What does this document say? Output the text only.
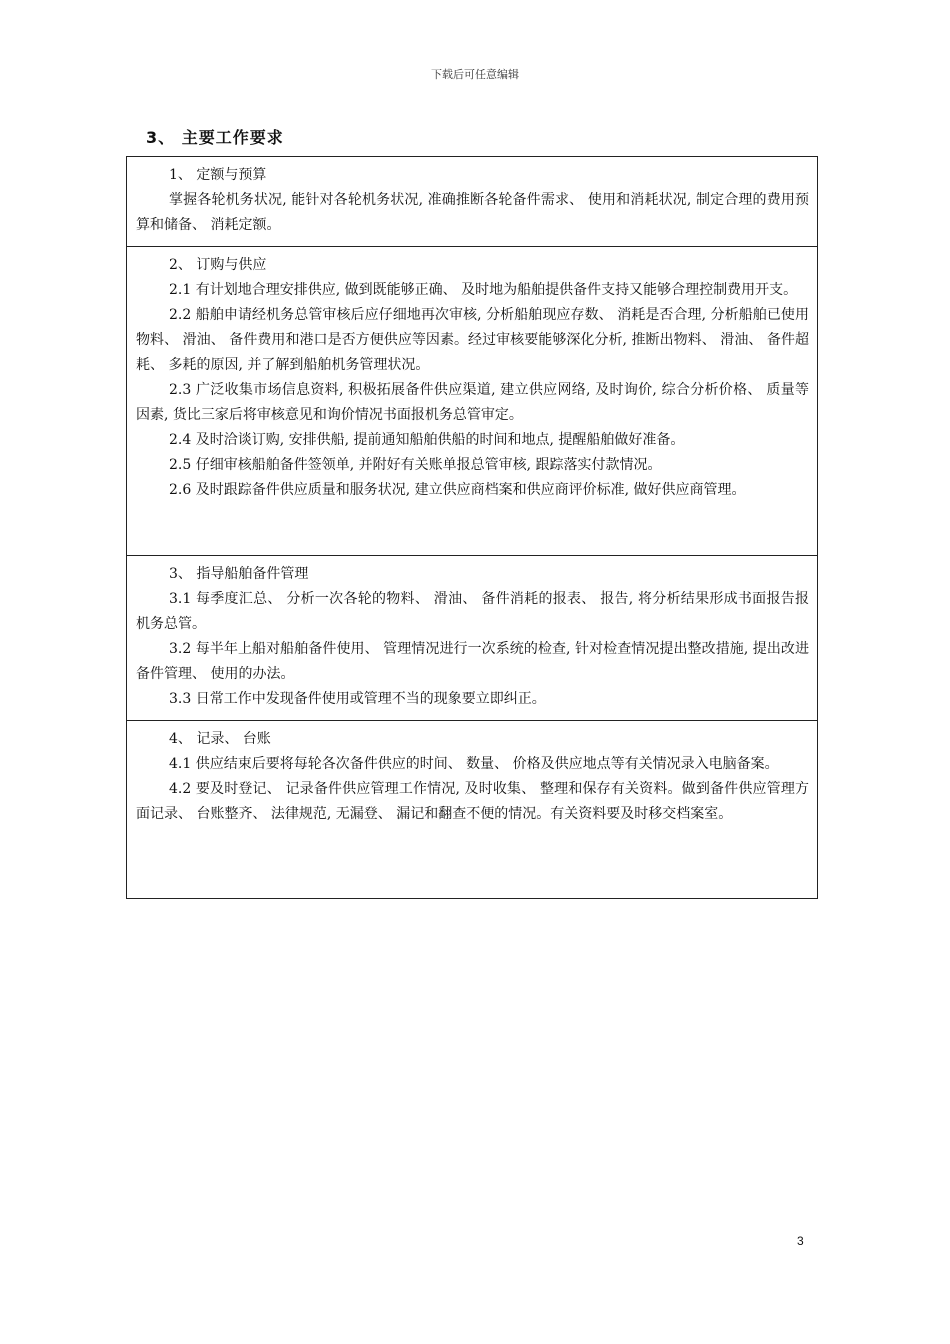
下载后可任意编辑
3、 主要工作要求

1、 定额与预算

掌握各轮机务状况, 能针对各轮机务状况, 准确推断各轮备件需求、 使用和消耗状况, 制定合理的费用预算和储备、 消耗定额。

2、 订购与供应

2.1 有计划地合理安排供应, 做到既能够正确、 及时地为船舶提供备件支持又能够合理控制费用开支。

2.2 船舶申请经机务总管审核后应仔细地再次审核, 分析船舶现应存数、 消耗是否合理, 分析船舶已使用物料、 滑油、 备件费用和港口是否方便供应等因素。经过审核要能够深化分析, 推断出物料、 滑油、 备件超耗、 多耗的原因, 并了解到船舶机务管理状况。

2.3 广泛收集市场信息资料, 积极拓展备件供应渠道, 建立供应网络, 及时询价, 综合分析价格、 质量等因素, 货比三家后将审核意见和询价情况书面报机务总管审定。

2.4 及时洽谈订购, 安排供船, 提前通知船舶供船的时间和地点, 提醒船舶做好准备。

2.5 仔细审核船舶备件签领单, 并附好有关账单报总管审核, 跟踪落实付款情况。

2.6 及时跟踪备件供应质量和服务状况, 建立供应商档案和供应商评价标准, 做好供应商管理。

3、 指导船舶备件管理

3.1 每季度汇总、 分析一次各轮的物料、 滑油、 备件消耗的报表、 报告, 将分析结果形成书面报告报机务总管。

3.2 每半年上船对船舶备件使用、 管理情况进行一次系统的检查, 针对检查情况提出整改措施, 提出改进备件管理、 使用的办法。

3.3 日常工作中发现备件使用或管理不当的现象要立即纠正。

4、 记录、 台账

4.1 供应结束后要将每轮各次备件供应的时间、 数量、 价格及供应地点等有关情况录入电脑备案。

4.2 要及时登记、 记录备件供应管理工作情况, 及时收集、 整理和保存有关资料。做到备件供应管理方面记录、 台账整齐、 法律规范, 无漏登、 漏记和翻查不便的情况。有关资料要及时移交档案室。

3
